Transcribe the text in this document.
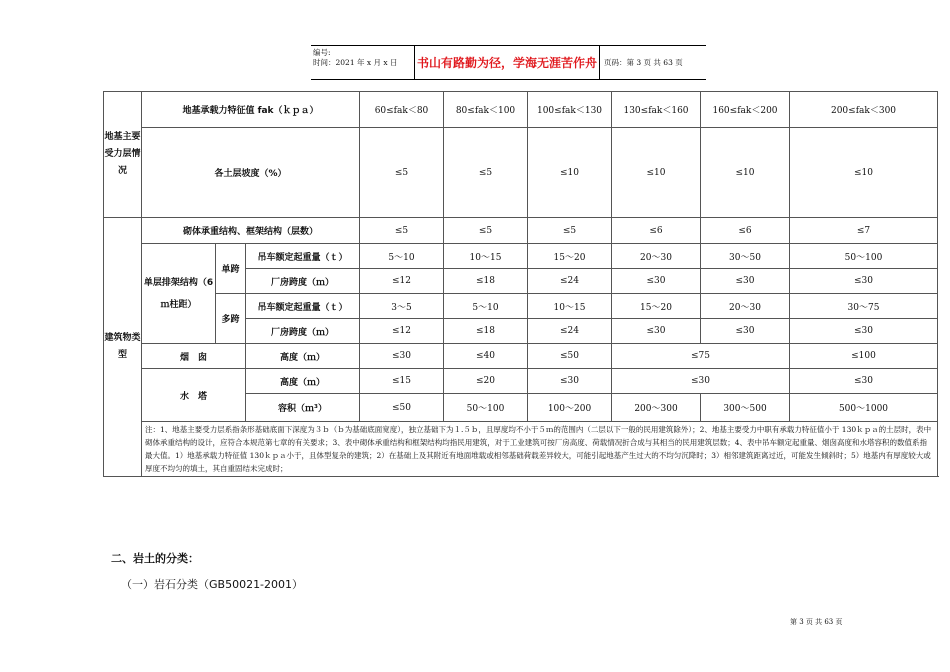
编号:
时间：2021 年 x 月 x 日	书山有路勤为径，学海无涯苦作舟 页码：第 3 页 共 63 页
地基主要受力层情况	地基承载力特征值 fak（ｋｐａ）			60≤fak＜80	80≤fak＜100	100≤fak＜130	130≤fak＜160	160≤fak＜200	200≤fak＜300
	各土层坡度（%）			≤5	≤5	≤10	≤10	≤10	≤10
建筑物类型	砌体承重结构、框架结构（层数）			≤5	≤5	≤5	≤6	≤6	≤7
	单层排架结构（6ｍ柱距）	单跨	吊车额定起重量（ｔ）	5～10	10～15	15～20	20～30	30～50	50～100
			厂房跨度（ｍ）	≤12	≤18	≤24	≤30	≤30	≤30
		多跨	吊车额定起重量（ｔ）	3～5	5～10	10～15	15～20	20～30	30～75
			厂房跨度（ｍ）	≤12	≤18	≤24	≤30	≤30	≤30
	烟　囱		高度（ｍ）	≤30	≤40	≤50	≤75		≤100
	水　塔		高度（ｍ）	≤15	≤20	≤30	≤30		≤30
			容积（ｍ³）	≤50	50～100	100～200	200～300	300～500	500～1000
	注：1、地基主要受力层系指条形基础底面下深度为３ｂ（ｂ为基础底面宽度），独立基础下为１.５ｂ，且厚度均不小于５ｍ的范围内（二层以下一般的民用建筑除外）；2、地基主要受力中职有承载力特征值小于 130ｋｐａ的土层时，表中砌体承重结构的设计，应符合本规范第七章的有关要求；3、表中砌体承重结构和框架结构均指民用建筑，对于工业建筑可按厂房高度、荷载情况折合成与其相当的民用建筑层数；4、表中吊车额定起重量、烟囱高度和水塔容积的数值系指最大值。1）地基承载力特征值 130ｋｐａ小于，且体型复杂的建筑；2）在基础上及其附近有地面堆载或相邻基础荷载差异较大，可能引起地基产生过大的不均匀沉降时；3）相邻建筑距离过近，可能发生倾斜时；5）地基内有厚度较大或厚度不均匀的填土，其自重固结未完成时；								
二、岩土的分类：
（一）岩石分类（GB50021-2001）
第 3 页 共 63 页
